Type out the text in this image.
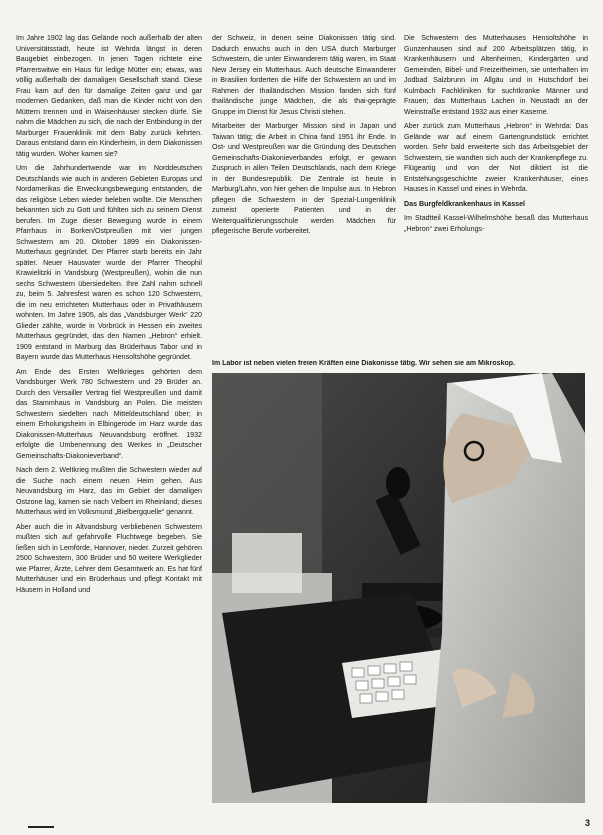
Im Jahre 1902 lag das Gelände noch außerhalb der alten Universitätsstadt, heute ist Wehrda längst in deren Baugebiet einbezogen. In jenen Tagen richtete eine Pfarrerswitwe ein Haus für ledige Mütter ein; etwas, was völlig außerhalb der damaligen Gesellschaft stand. Diese Frau kam auf den für damalige Zeiten ganz und gar modernen Gedanken, daß man die Kinder nicht von den Müttern trennen und in Waisenhäuser stecken dürfe. Sie nahm die Mädchen zu sich, die nach der Entbindung in der Marburger Frauenklinik mit dem Baby zurück kehrten. Daraus entstand dann ein Kinderheim, in dem Diakonissen tätig wurden. Woher kamen sie?

Um die Jahrhundertwende war im Norddeutschen Deutschlands wie auch in anderen Gebieten Europas und Nordamerikas die Erweckungsbewegung entstanden, die das religiöse Leben wieder beleben wollte. Die Menschen bekannten sich zu Gott und fühlten sich zu seinem Dienst berufen. Im Zuge dieser Bewegung wurde in einem Pfarrhaus in Borken/Ostpreußen mit vier jungen Schwestern am 20. Oktober 1899 ein Diakonissen-Mutterhaus gegründet. Der Pfarrer starb bereits ein Jahr später. Neuer Hausvater wurde der Pfarrer Theophil Krawielitzki in Vandsburg (Westpreußen), wohin die nun sechs Schwestern übersiedelten. Ihre Zahl nahm schnell zu, beim 5. Jahresfest waren es schon 120 Schwestern, die im neu errichteten Mutterhaus oder in Privathäusern wohnten. Im Jahre 1905, als das „Vandsburger Werk“ 220 Glieder zählte, wurde in Vorbrück in Hessen ein zweites Mutterhaus gegründet, das den Namen „Hebron“ erhielt. 1909 entstand in Marburg das Brüderhaus Tabor und in Bayern wurde das Mutterhaus Hensoltshöhe gegründet.

Am Ende des Ersten Weltkrieges gehörten dem Vandsburger Werk 780 Schwestern und 29 Brüder an. Durch den Versailler Vertrag fiel Westpreußen und damit das Stammhaus in Vandsburg an Polen. Die meisten Schwestern siedelten nach Mitteldeutschland über; in einem Erholungsheim in Elbingerode im Harz wurde das Diakonissen-Mutterhaus Neuvandsburg eröffnet. 1932 erfolgte die Umbenennung des Werkes in „Deutscher Gemeinschafts-Diakonieverband“.

Nach dem 2. Weltkrieg mußten die Schwestern wieder auf die Suche nach einem neuen Heim gehen. Aus Neuvandsburg im Harz, das im Gebiet der damaligen Ostzone lag, kamen sie nach Velbert im Rheinland; dieses Mutterhaus wird im Volksmund „Bielbergquelle“ genannt.

Aber auch die in Altvandsburg verbliebenen Schwestern mußten sich auf gefahrvolle Fluchtwege begeben. Sie ließen sich in Lemförde, Hannover, nieder. Zurzeit gehören 2500 Schwestern, 300 Brüder und 50 weitere Werkglieder wie Pfarrer, Ärzte, Lehrer dem Gesamtwerk an. Es hat fünf Mutterhäuser und ein Brüderhaus und pflegt Kontakt mit Häusern in Holland und

der Schweiz, in denen seine Diakonissen tätig sind. Dadurch erwuchs auch in den USA durch Marburger Schwestern, die unter Einwanderern tätig waren, im Staat New Jersey ein Mutterhaus. Auch deutsche Einwanderer in Brasilien forderten die Hilfe der Schwestern an und im Rahmen der thailändischen Mission fanden sich fünf thailändische junge Mädchen, die als thai-geprägte Gruppe im Dienst für Jesus Christi stehen.

Mitarbeiter der Marburger Mission sind in Japan und Taiwan tätig; die Arbeit in China fand 1951 ihr Ende. In Ost- und Westpreußen war die Gründung des Deutschen Gemeinschafts-Diakonieverbandes erfolgt, er gewann Zuspruch in allen Teilen Deutschlands, nach dem Kriege in der Bundesrepublik. Die Zentrale ist heute in Marburg/Lahn, von hier gehen die Impulse aus. In Hebron pflegen die Schwestern in der Spezial-Lungenklinik zumeist operierte Patienten und in der Weiterqualifizierungsschule werden Mädchen für pflegerische Berufe vorbereitet.

Die Schwestern des Mutterhauses Hensoltshöhe in Gunzenhausen sind auf 200 Arbeitsplätzen tätig, in Krankenhäusern und Altenheimen, Kindergärten und Gemeinden, Bibel- und Freizeitheimen, sie unterhalten im Jodbad Salzbrunn im Allgäu und in Hutschdorf bei Kulmbach Fachkliniken für suchtkranke Männer und Frauen; das Mutterhaus Lachen in Neustadt an der Weinstraße entstand 1932 aus einer Kaserne.

Aber zurück zum Mutterhaus „Hebron“ in Wehrda: Das Gelände war auf einem Gartengrundstück errichtet worden. Sehr bald erweiterte sich das Arbeitsgebiet der Schwestern, sie wandten sich auch der Krankenpflege zu. Flügeartig und von der Not diktiert ist die Entstehungsgeschichte zweier Krankenhäuser, eines Hauses in Kassel und eines in Wehrda.

Das Burgfeldkrankenhaus in Kassel

Im Stadtteil Kassel-Wilhelmshöhe besaß das Mutterhaus „Hebron“ zwei Erholungs-

Im Labor ist neben vielen freien Kräften eine Diakonisse tätig. Wir sehen sie am Mikroskop.
3
